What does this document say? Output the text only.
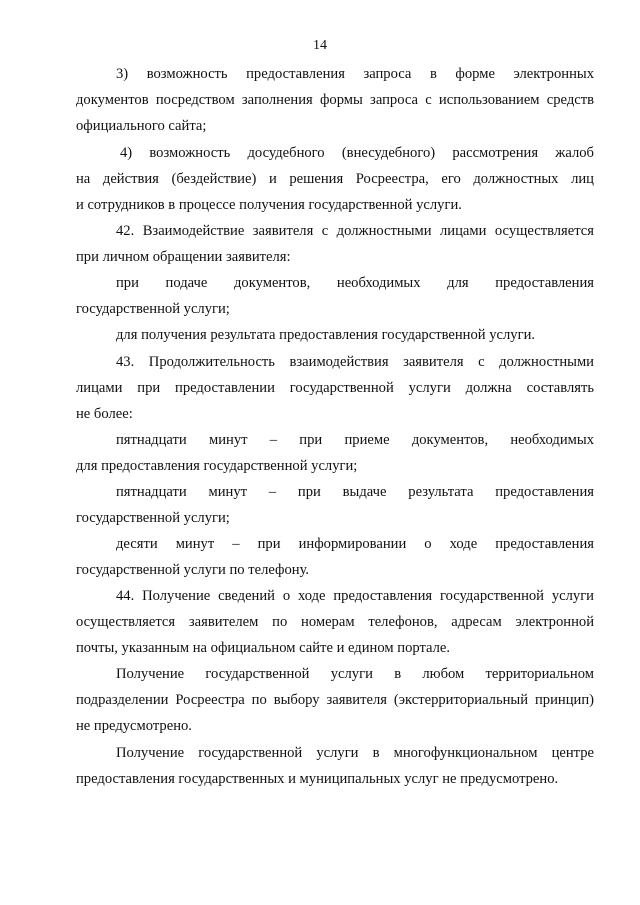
14
3) возможность предоставления запроса в форме электронных
документов посредством заполнения формы запроса с использованием средств
официального сайта;
4) возможность досудебного (внесудебного) рассмотрения жалоб
на действия (бездействие) и решения Росреестра, его должностных лиц
и сотрудников в процессе получения государственной услуги.
42. Взаимодействие заявителя с должностными лицами осуществляется
при личном обращении заявителя:
при подаче документов, необходимых для предоставления
государственной услуги;
для получения результата предоставления государственной услуги.
43. Продолжительность взаимодействия заявителя с должностными
лицами при предоставлении государственной услуги должна составлять
не более:
пятнадцати минут – при приеме документов, необходимых
для предоставления государственной услуги;
пятнадцати минут – при выдаче результата предоставления
государственной услуги;
десяти минут – при информировании о ходе предоставления
государственной услуги по телефону.
44. Получение сведений о ходе предоставления государственной услуги
осуществляется заявителем по номерам телефонов, адресам электронной
почты, указанным на официальном сайте и едином портале.
Получение государственной услуги в любом территориальном
подразделении Росреестра по выбору заявителя (экстерриториальный принцип)
не предусмотрено.
Получение государственной услуги в многофункциональном центре
предоставления государственных и муниципальных услуг не предусмотрено.
